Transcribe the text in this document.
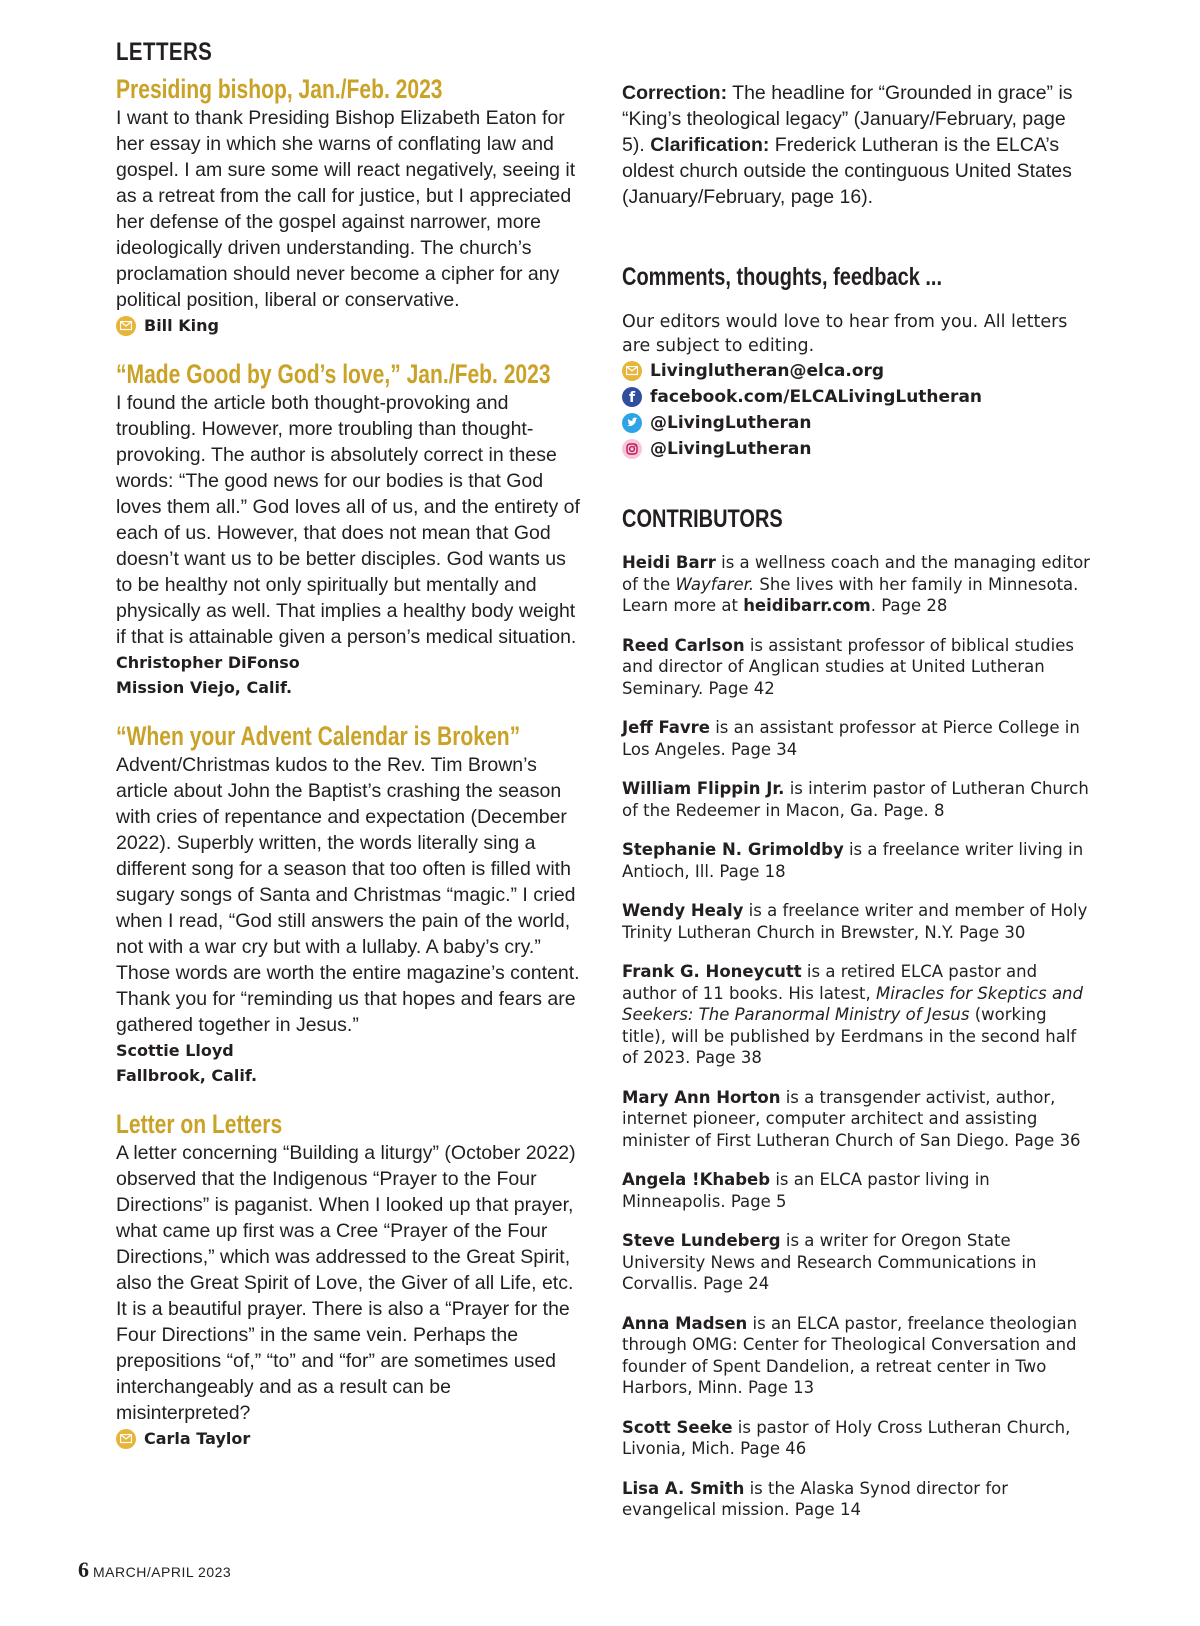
LETTERS
Presiding bishop, Jan./Feb. 2023

I want to thank Presiding Bishop Elizabeth Eaton for her essay in which she warns of conflating law and gospel. I am sure some will react negatively, seeing it as a retreat from the call for justice, but I appreciated her defense of the gospel against narrower, more ideologically driven understanding. The church’s proclamation should never become a cipher for any political position, liberal or conservative.

Bill King
“Made Good by God’s love,” Jan./Feb. 2023

I found the article both thought-provoking and troubling. However, more troubling than thought-provoking. The author is absolutely correct in these words: “The good news for our bodies is that God loves them all.” God loves all of us, and the entirety of each of us. However, that does not mean that God doesn’t want us to be better disciples. God wants us to be healthy not only spiritually but mentally and physically as well. That implies a healthy body weight if that is attainable given a person’s medical situation.

Christopher DiFonso
Mission Viejo, Calif.
“When your Advent Calendar is Broken”

Advent/Christmas kudos to the Rev. Tim Brown’s article about John the Baptist’s crashing the season with cries of repentance and expectation (December 2022). Superbly written, the words literally sing a different song for a season that too often is filled with sugary songs of Santa and Christmas “magic.” I cried when I read, “God still answers the pain of the world, not with a war cry but with a lullaby. A baby’s cry.” Those words are worth the entire magazine’s content. Thank you for “reminding us that hopes and fears are gathered together in Jesus.”

Scottie Lloyd
Fallbrook, Calif.
Letter on Letters

A letter concerning “Building a liturgy” (October 2022) observed that the Indigenous “Prayer to the Four Directions” is paganist. When I looked up that prayer, what came up first was a Cree “Prayer of the Four Directions,” which was addressed to the Great Spirit, also the Great Spirit of Love, the Giver of all Life, etc. It is a beautiful prayer. There is also a “Prayer for the Four Directions” in the same vein. Perhaps the prepositions “of,” “to” and “for” are sometimes used interchangeably and as a result can be misinterpreted?

Carla Taylor

Correction: The headline for “Grounded in grace” is “King’s theological legacy” (January/February, page 5). Clarification: Frederick Lutheran is the ELCA’s oldest church outside the continguous United States (January/February, page 16).

Comments, thoughts, feedback ...

Our editors would love to hear from you. All letters are subject to editing.

Livinglutheran@elca.org
f facebook.com/ELCALivingLutheran
@LivingLutheran
@LivingLutheran
CONTRIBUTORS

Heidi Barr is a wellness coach and the managing editor of the Wayfarer. She lives with her family in Minnesota. Learn more at heidibarr.com. Page 28

Reed Carlson is assistant professor of biblical studies and director of Anglican studies at United Lutheran Seminary. Page 42

Jeff Favre is an assistant professor at Pierce College in Los Angeles. Page 34

William Flippin Jr. is interim pastor of Lutheran Church of the Redeemer in Macon, Ga. Page. 8

Stephanie N. Grimoldby is a freelance writer living in Antioch, Ill. Page 18

Wendy Healy is a freelance writer and member of Holy Trinity Lutheran Church in Brewster, N.Y. Page 30

Frank G. Honeycutt is a retired ELCA pastor and author of 11 books. His latest, Miracles for Skeptics and Seekers: The Paranormal Ministry of Jesus (working title), will be published by Eerdmans in the second half of 2023. Page 38

Mary Ann Horton is a transgender activist, author, internet pioneer, computer architect and assisting minister of First Lutheran Church of San Diego. Page 36

Angela !Khabeb is an ELCA pastor living in Minneapolis. Page 5

Steve Lundeberg is a writer for Oregon State University News and Research Communications in Corvallis. Page 24

Anna Madsen is an ELCA pastor, freelance theologian through OMG: Center for Theological Conversation and founder of Spent Dandelion, a retreat center in Two Harbors, Minn. Page 13

Scott Seeke is pastor of Holy Cross Lutheran Church, Livonia, Mich. Page 46

Lisa A. Smith is the Alaska Synod director for evangelical mission. Page 14

6 MARCH/APRIL 2023
